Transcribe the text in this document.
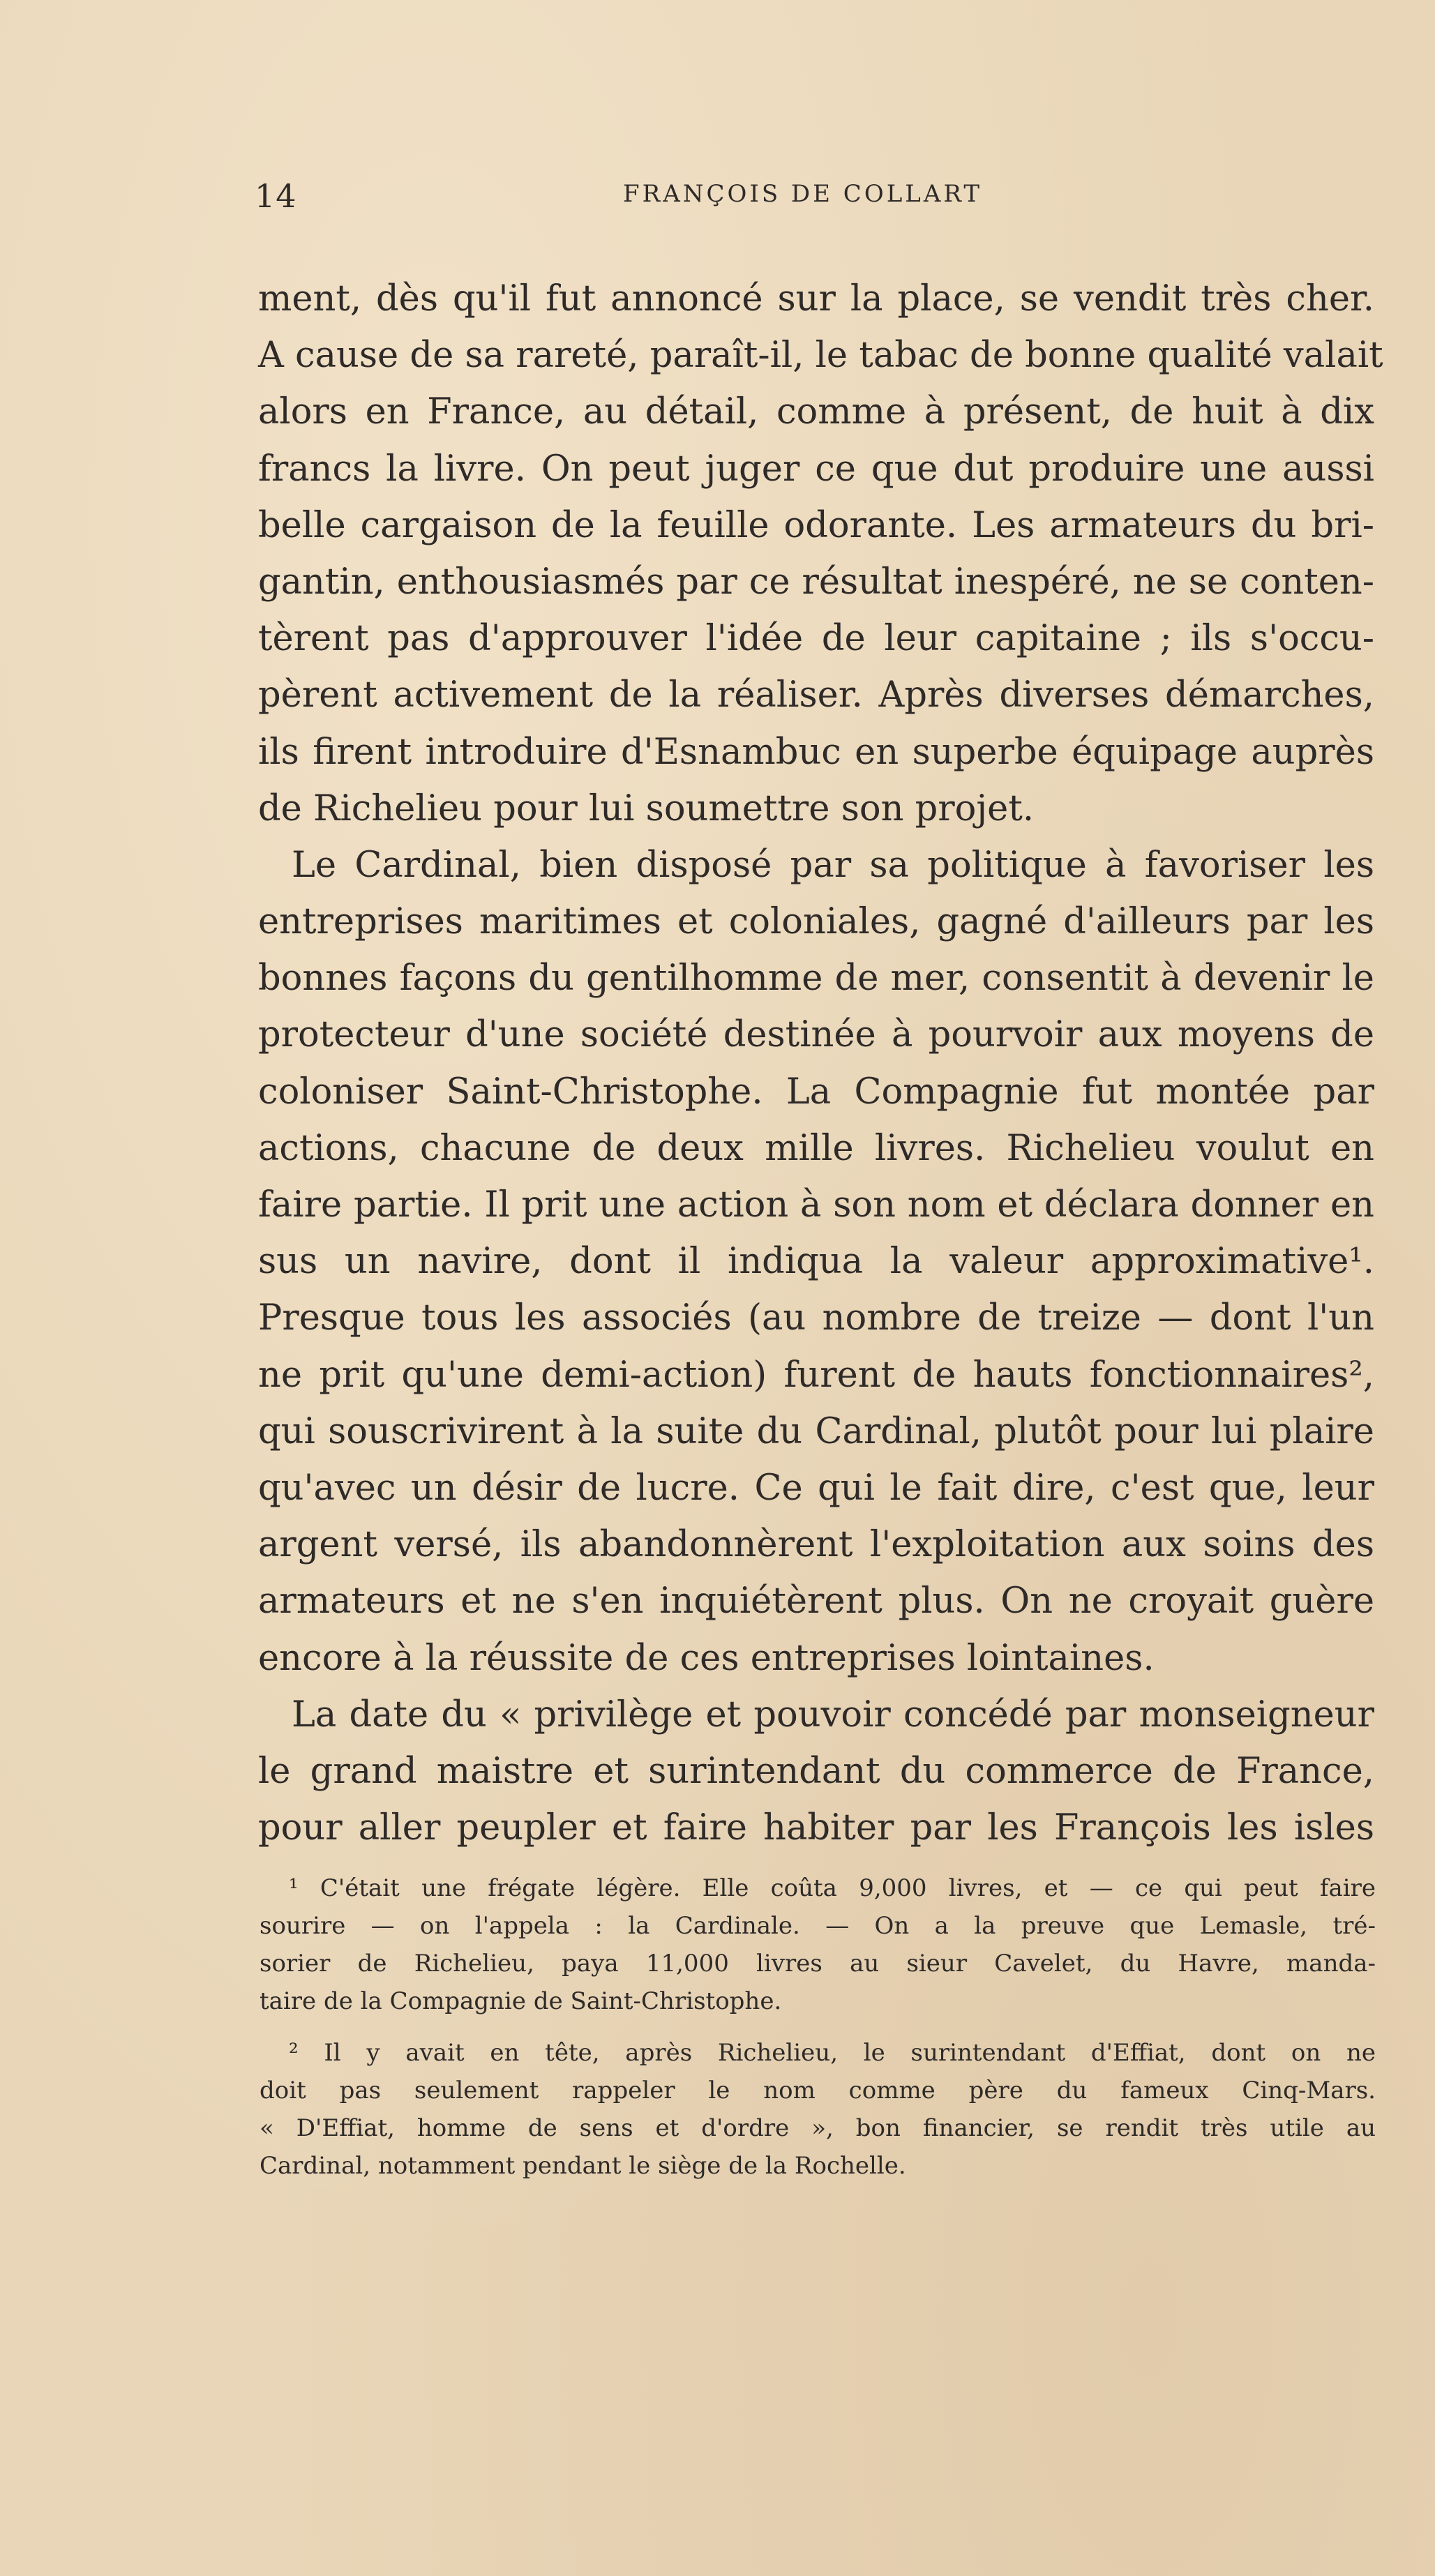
14	FRANÇOIS DE COLLART
ment, dès qu'il fut annoncé sur la place, se vendit très cher.
A cause de sa rareté, paraît-il, le tabac de bonne qualité valait
alors en France, au détail, comme à présent, de huit à dix
francs la livre. On peut juger ce que dut produire une aussi
belle cargaison de la feuille odorante. Les armateurs du bri-
gantin, enthousiasmés par ce résultat inespéré, ne se conten-
tèrent pas d'approuver l'idée de leur capitaine ; ils s'occu-
pèrent activement de la réaliser. Après diverses démarches,
ils firent introduire d'Esnambuc en superbe équipage auprès
de Richelieu pour lui soumettre son projet.
Le Cardinal, bien disposé par sa politique à favoriser les
entreprises maritimes et coloniales, gagné d'ailleurs par les
bonnes façons du gentilhomme de mer, consentit à devenir le
protecteur d'une société destinée à pourvoir aux moyens de
coloniser Saint-Christophe. La Compagnie fut montée par
actions, chacune de deux mille livres. Richelieu voulut en
faire partie. Il prit une action à son nom et déclara donner en
sus un navire, dont il indiqua la valeur approximative¹.
Presque tous les associés (au nombre de treize — dont l'un
ne prit qu'une demi-action) furent de hauts fonctionnaires²,
qui souscrivirent à la suite du Cardinal, plutôt pour lui plaire
qu'avec un désir de lucre. Ce qui le fait dire, c'est que, leur
argent versé, ils abandonnèrent l'exploitation aux soins des
armateurs et ne s'en inquiétèrent plus. On ne croyait guère
encore à la réussite de ces entreprises lointaines.
La date du « privilège et pouvoir concédé par monseigneur
le grand maistre et surintendant du commerce de France,
pour aller peupler et faire habiter par les François les isles
¹ C'était une frégate légère. Elle coûta 9,000 livres, et — ce qui peut faire
sourire — on l'appela : la Cardinale. — On a la preuve que Lemasle, tré-
sorier de Richelieu, paya 11,000 livres au sieur Cavelet, du Havre, manda-
taire de la Compagnie de Saint-Christophe.
² Il y avait en tête, après Richelieu, le surintendant d'Effiat, dont on ne
doit pas seulement rappeler le nom comme père du fameux Cinq-Mars.
« D'Effiat, homme de sens et d'ordre », bon financier, se rendit très utile au
Cardinal, notamment pendant le siège de la Rochelle.
